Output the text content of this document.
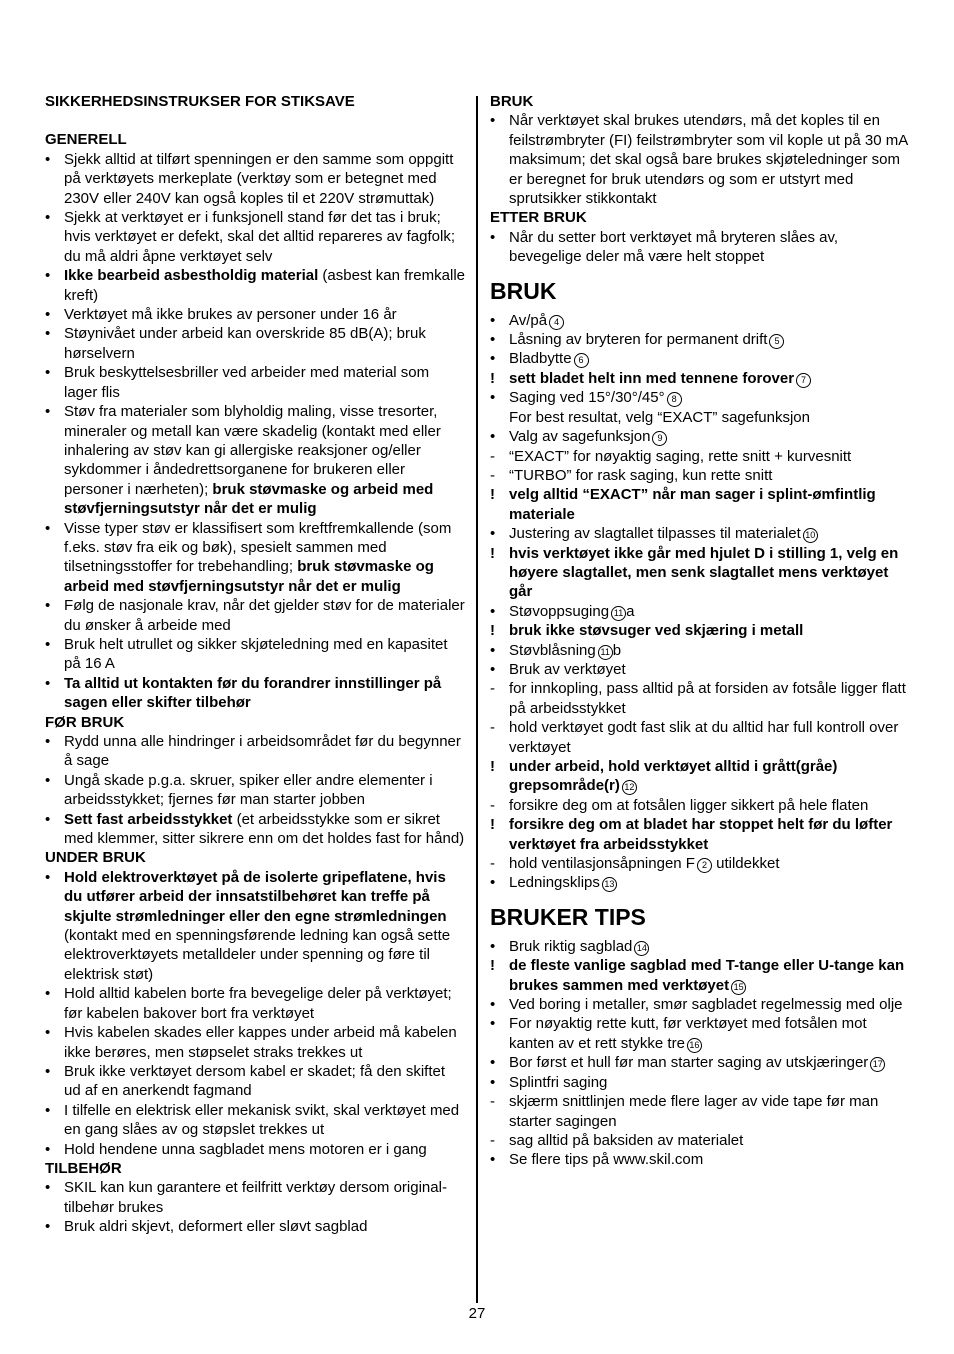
SIKKERHEDSINSTRUKSER FOR STIKSAVE

GENERELL

• Sjekk alltid at tilført spenningen er den samme som oppgitt på verktøyets merkeplate (verktøy som er betegnet med 230V eller 240V kan også koples til et 220V strømuttak)
• Sjekk at verktøyet er i funksjonell stand før det tas i bruk; hvis verktøyet er defekt, skal det alltid repareres av fagfolk; du må aldri åpne verktøyet selv
• Ikke bearbeid asbestholdig material (asbest kan fremkalle kreft)
• Verktøyet må ikke brukes av personer under 16 år
• Støynivået under arbeid kan overskride 85 dB(A); bruk hørselvern
• Bruk beskyttelsesbriller ved arbeider med material som lager flis
• Støv fra materialer som blyholdig maling, visse tresorter, mineraler og metall kan være skadelig (kontakt med eller inhalering av støv kan gi allergiske reaksjoner og/eller sykdommer i åndedrettsorganene for brukeren eller personer i nærheten); bruk støvmaske og arbeid med støvfjerningsutstyr når det er mulig
• Visse typer støv er klassifisert som kreftfremkallende (som f.eks. støv fra eik og bøk), spesielt sammen med tilsetningsstoffer for trebehandling; bruk støvmaske og arbeid med støvfjerningsutstyr når det er mulig
• Følg de nasjonale krav, når det gjelder støv for de materialer du ønsker å arbeide med
• Bruk helt utrullet og sikker skjøteledning med en kapasitet på 16 A
• Ta alltid ut kontakten før du forandrer innstillinger på sagen eller skifter tilbehør

FØR BRUK

• Rydd unna alle hindringer i arbeidsområdet før du begynner å sage
• Ungå skade p.g.a. skruer, spiker eller andre elementer i arbeidsstykket; fjernes før man starter jobben
• Sett fast arbeidsstykket (et arbeidsstykke som er sikret med klemmer, sitter sikrere enn om det holdes fast for hånd)

UNDER BRUK

• Hold elektroverktøyet på de isolerte gripeflatene, hvis du utfører arbeid der innsatstilbehøret kan treffe på skjulte strømledninger eller den egne strømledningen (kontakt med en spenningsførende ledning kan også sette elektroverktøyets metalldeler under spenning og føre til elektrisk støt)
• Hold alltid kabelen borte fra bevegelige deler på verktøyet; før kabelen bakover bort fra verktøyet
• Hvis kabelen skades eller kappes under arbeid må kabelen ikke berøres, men støpselet straks trekkes ut
• Bruk ikke verktøyet dersom kabel er skadet; få den skiftet ud af en anerkendt fagmand
• I tilfelle en elektrisk eller mekanisk svikt, skal verktøyet med en gang slåes av og støpslet trekkes ut
• Hold hendene unna sagbladet mens motoren er i gang

TILBEHØR

• SKIL kan kun garantere et feilfritt verktøy dersom original-tilbehør brukes
• Bruk aldri skjevt, deformert eller sløvt sagblad

BRUK

• Når verktøyet skal brukes utendørs, må det koples til en feilstrømbryter (FI) feilstrømbryter som vil kople ut på 30 mA maksimum; det skal også bare brukes skjøteledninger som er beregnet for bruk utendørs og som er utstyrt med sprutsikker stikkontakt

ETTER BRUK

• Når du setter bort verktøyet må bryteren slåes av, bevegelige deler må være helt stoppet

BRUK

• Av/på 4
• Låsning av bryteren for permanent drift 5
• Bladbytte 6
! sett bladet helt inn med tennene forover 7
• Saging ved 15°/30°/45° 8
For best resultat, velg “EXACT” sagefunksjon
• Valg av sagefunksjon 9
- “EXACT” for nøyaktig saging, rette snitt + kurvesnitt
- “TURBO” for rask saging, kun rette snitt
! velg alltid “EXACT” når man sager i splint-ømfintlig materiale
• Justering av slagtallet tilpasses til materialet 10
! hvis verktøyet ikke går med hjulet D i stilling 1, velg en høyere slagtallet, men senk slagtallet mens verktøyet går
• Støvoppsuging 11 a
! bruk ikke støvsuger ved skjæring i metall
• Støvblåsning 11 b
• Bruk av verktøyet
- for innkopling, pass alltid på at forsiden av fotsåle ligger flatt på arbeidsstykket
- hold verktøyet godt fast slik at du alltid har full kontroll over verktøyet
! under arbeid, hold verktøyet alltid i grått(gråe) grepsområde(r) 12
- forsikre deg om at fotsålen ligger sikkert på hele flaten
! forsikre deg om at bladet har stoppet helt før du løfter verktøyet fra arbeidsstykket
- hold ventilasjonsåpningen F 2 utildekket
• Ledningsklips 13

BRUKER TIPS

• Bruk riktig sagblad 14
! de fleste vanlige sagblad med T-tange eller U-tange kan brukes sammen med verktøyet 15
• Ved boring i metaller, smør sagbladet regelmessig med olje
• For nøyaktig rette kutt, før verktøyet med fotsålen mot kanten av et rett stykke tre 16
• Bor først et hull før man starter saging av utskjæringer 17
• Splintfri saging
- skjærm snittlinjen mede flere lager av vide tape før man starter sagingen
- sag alltid på baksiden av materialet
• Se flere tips på www.skil.com
27
